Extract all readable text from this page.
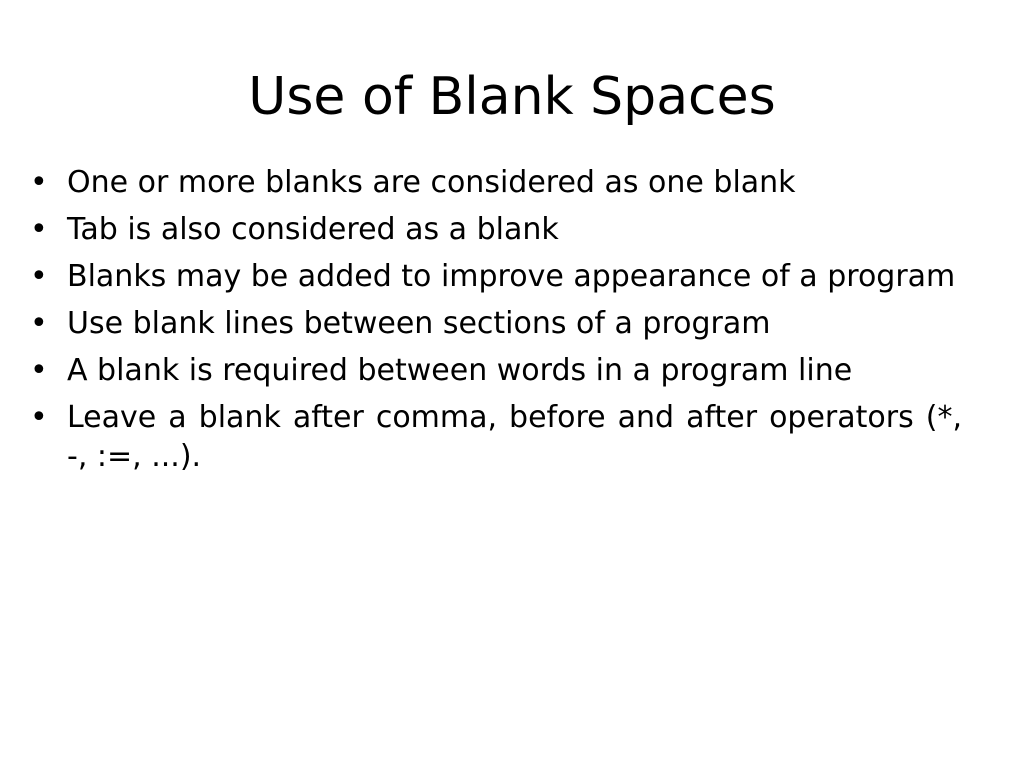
Use of Blank Spaces
• One or more blanks are considered as one blank
• Tab is also considered as a blank
• Blanks may be added to improve appearance of a program
• Use blank lines between sections of a program
• A blank is required between words in a program line
• Leave a blank after comma, before and after operators (*, -, :=, ...).
